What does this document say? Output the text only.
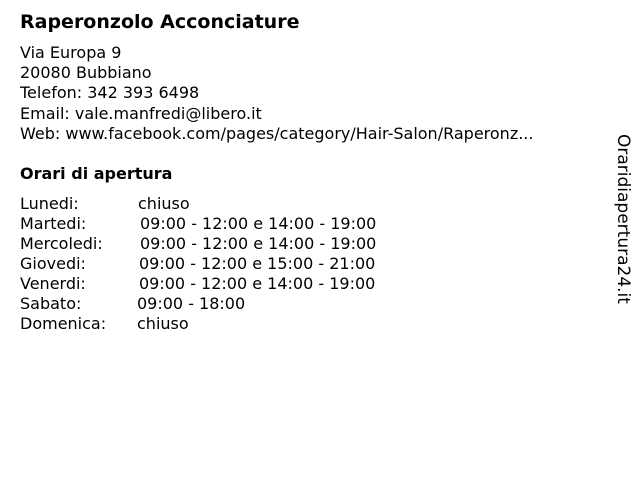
Raperonzolo Acconciature
Via Europa 9
20080 Bubbiano
Telefon: 342 393 6498
Email: vale.manfredi@libero.it
Web: www.facebook.com/pages/category/Hair-Salon/Raperonz...
Orari di apertura
Lunedi:	chiuso
Martedi:	09:00 - 12:00 e 14:00 - 19:00
Mercoledi: 09:00 - 12:00 e 14:00 - 19:00
Giovedi:	09:00 - 12:00 e 15:00 - 21:00
Venerdi:	09:00 - 12:00 e 14:00 - 19:00
Sabato:	09:00 - 18:00
Domenica: chiuso
Oraridiapertura24.it
